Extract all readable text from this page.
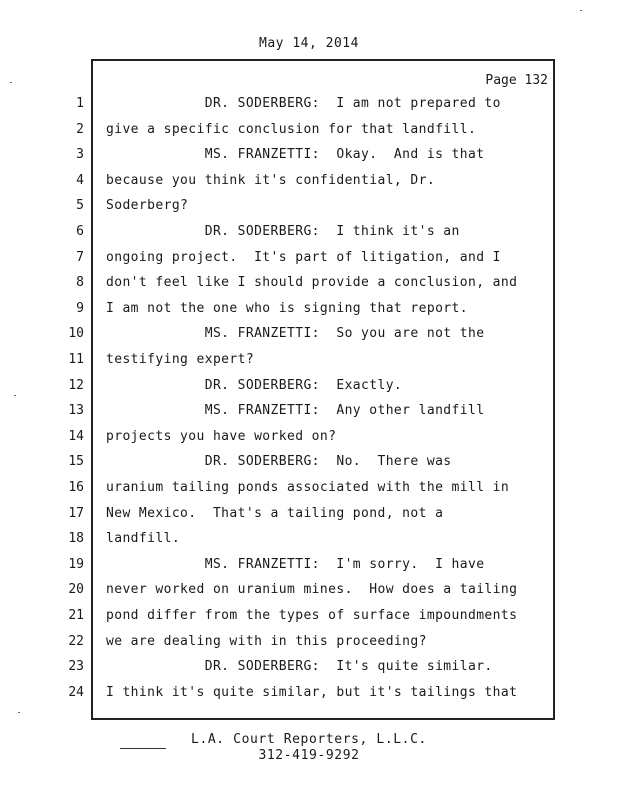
May 14, 2014
Page 132
1 DR. SODERBERG:  I am not prepared to
2 give a specific conclusion for that landfill.
3 MS. FRANZETTI:  Okay.  And is that
4 because you think it's confidential, Dr.
5 Soderberg?
6 DR. SODERBERG:  I think it's an
7 ongoing project.  It's part of litigation, and I
8 don't feel like I should provide a conclusion, and
9 I am not the one who is signing that report.
10 MS. FRANZETTI:  So you are not the
11 testifying expert?
12 DR. SODERBERG:  Exactly.
13 MS. FRANZETTI:  Any other landfill
14 projects you have worked on?
15 DR. SODERBERG:  No.  There was
16 uranium tailing ponds associated with the mill in
17 New Mexico.  That's a tailing pond, not a
18 landfill.
19 MS. FRANZETTI:  I'm sorry.  I have
20 never worked on uranium mines.  How does a tailing
21 pond differ from the types of surface impoundments
22 we are dealing with in this proceeding?
23 DR. SODERBERG:  It's quite similar.
24 I think it's quite similar, but it's tailings that
L.A. Court Reporters, L.L.C.
312-419-9292
